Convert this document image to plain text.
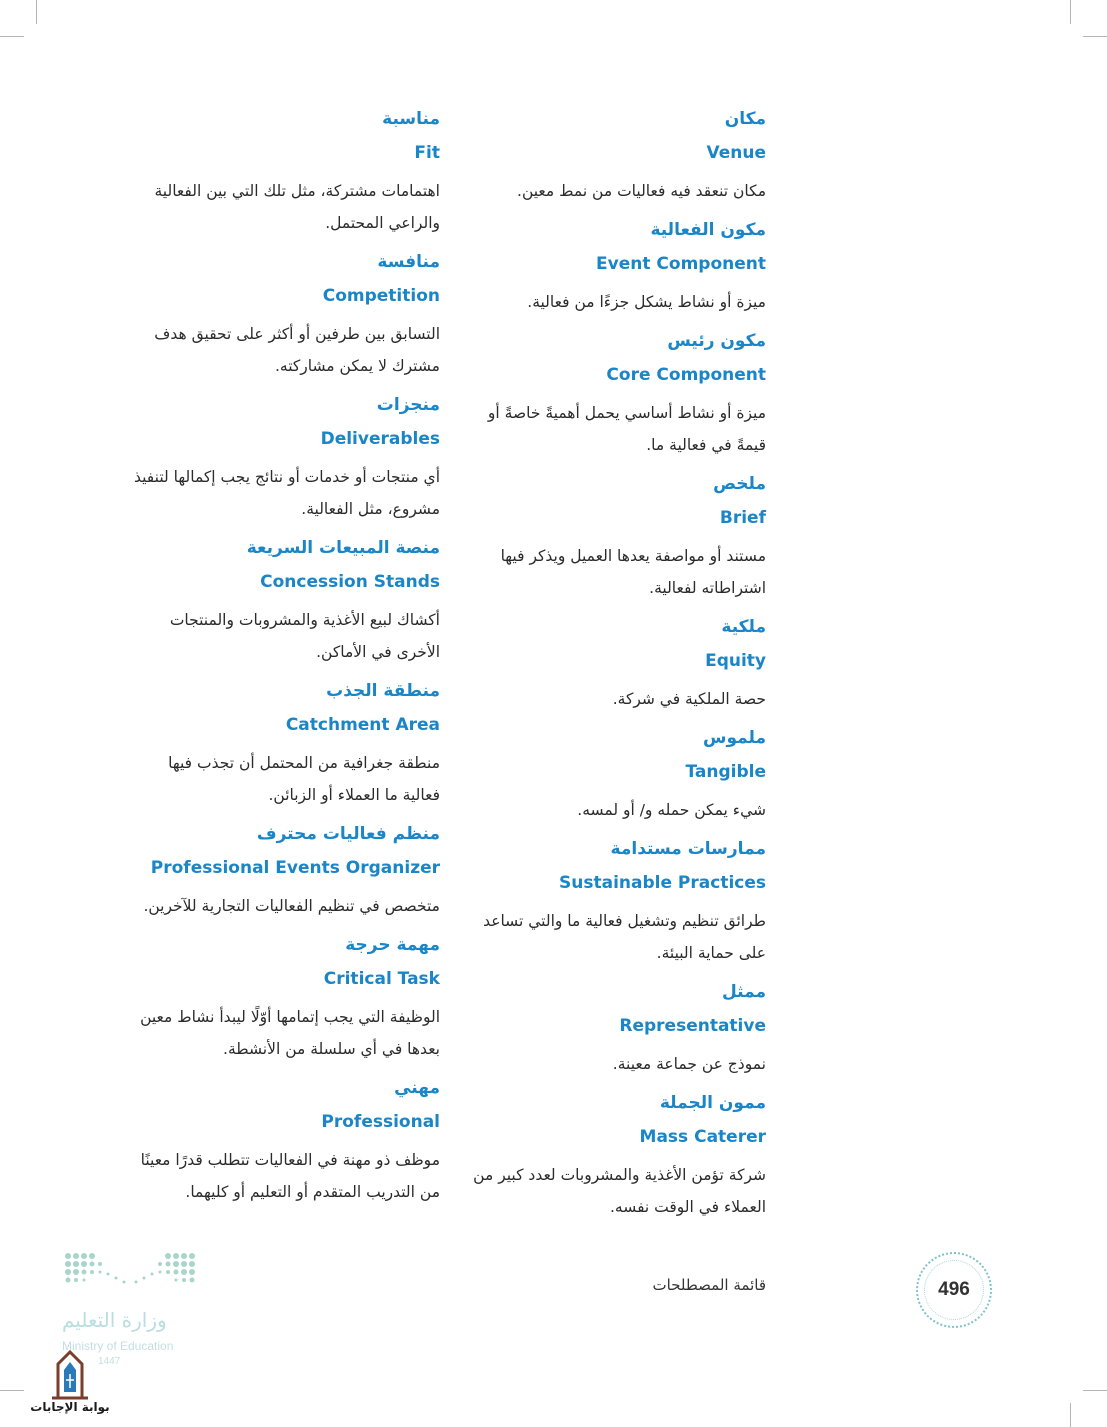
مكان
Venue
مكان تنعقد فيه فعاليات من نمط معين.
مكون الفعالية
Event Component
ميزة أو نشاط يشكل جزءًا من فعالية.
مكون رئيس
Core Component
ميزة أو نشاط أساسي يحمل أهميةً خاصةً أو قيمةً في فعالية ما.
ملخص
Brief
مستند أو مواصفة يعدها العميل ويذكر فيها اشتراطاته لفعالية.
ملكية
Equity
حصة الملكية في شركة.
ملموس
Tangible
شيء يمكن حمله و/ أو لمسه.
ممارسات مستدامة
Sustainable Practices
طرائق تنظيم وتشغيل فعالية ما والتي تساعد على حماية البيئة.
ممثل
Representative
نموذج عن جماعة معينة.
ممون الجملة
Mass Caterer
شركة تؤمن الأغذية والمشروبات لعدد كبير من العملاء في الوقت نفسه.
مناسبة
Fit
اهتمامات مشتركة، مثل تلك التي بين الفعالية والراعي المحتمل.
منافسة
Competition
التسابق بين طرفين أو أكثر على تحقيق هدف مشترك لا يمكن مشاركته.
منجزات
Deliverables
أي منتجات أو خدمات أو نتائج يجب إكمالها لتنفيذ مشروع، مثل الفعالية.
منصة المبيعات السريعة
Concession Stands
أكشاك لبيع الأغذية والمشروبات والمنتجات الأخرى في الأماكن.
منطقة الجذب
Catchment Area
منطقة جغرافية من المحتمل أن تجذب فيها فعالية ما العملاء أو الزبائن.
منظم فعاليات محترف
Professional Events Organizer
متخصص في تنظيم الفعاليات التجارية للآخرين.
مهمة حرجة
Critical Task
الوظيفة التي يجب إتمامها أوّلًا ليبدأ نشاط معين بعدها في أي سلسلة من الأنشطة.
مهني
Professional
موظف ذو مهنة في الفعاليات تتطلب قدرًا معينًا من التدريب المتقدم أو التعليم أو كليهما.
قائمة المصطلحات	496
وزارة التعليم
Ministry of Education
1447
بوابة الإجابات
